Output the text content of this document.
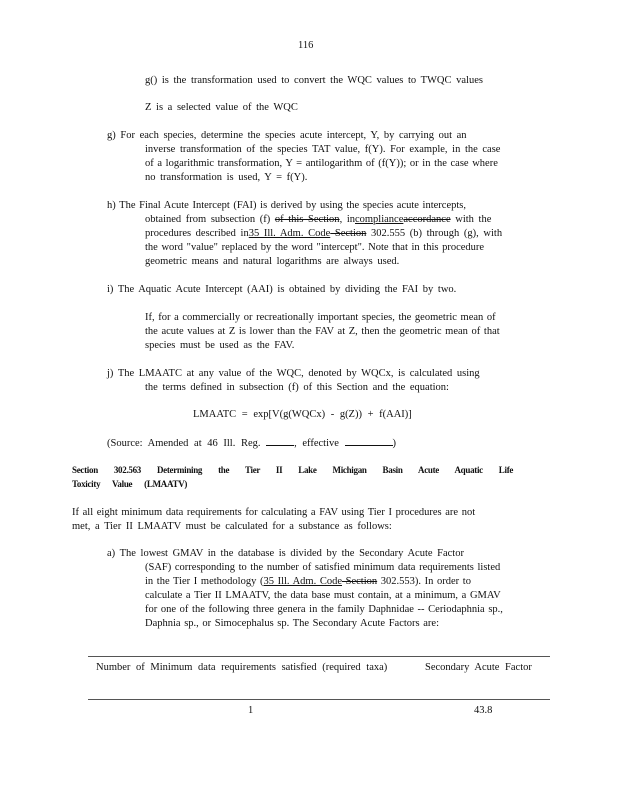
116
g() is the transformation used to convert the WQC values to TWQC values
Z is a selected value of the WQC
g) For each species, determine the species acute intercept, Y, by carrying out an
inverse transformation of the species TAT value, f(Y). For example, in the case
of a logarithmic transformation, Y = antilogarithm of (f(Y)); or in the case where
no transformation is used, Y = f(Y).
h) The Final Acute Intercept (FAI) is derived by using the species acute intercepts,
obtained from subsection (f) of this Section, incomplianceaccordance with the
procedures described in35 Ill. Adm. Code Section 302.555 (b) through (g), with
the word "value" replaced by the word "intercept". Note that in this procedure
geometric means and natural logarithms are always used.
i) The Aquatic Acute Intercept (AAI) is obtained by dividing the FAI by two.
If, for a commercially or recreationally important species, the geometric mean of
the acute values at Z is lower than the FAV at Z, then the geometric mean of that
species must be used as the FAV.
j) The LMAATC at any value of the WQC, denoted by WQCx, is calculated using
the terms defined in subsection (f) of this Section and the equation:
LMAATC = exp[V(g(WQCx) - g(Z)) + f(AAI)]
(Source: Amended at 46 Ill. Reg.	, effective	)
Section 302.563 Determining the Tier II Lake Michigan Basin Acute Aquatic Life
Toxicity Value (LMAATV)
If all eight minimum data requirements for calculating a FAV using Tier I procedures are not
met, a Tier II LMAATV must be calculated for a substance as follows:
a) The lowest GMAV in the database is divided by the Secondary Acute Factor
(SAF) corresponding to the number of satisfied minimum data requirements listed
in the Tier I methodology (35 Ill. Adm. Code Section 302.553). In order to
calculate a Tier II LMAATV, the data base must contain, at a minimum, a GMAV
for one of the following three genera in the family Daphnidae -- Ceriodaphnia sp.,
Daphnia sp., or Simocephalus sp. The Secondary Acute Factors are:
Number of Minimum data requirements satisfied (required taxa)	Secondary Acute Factor
1	43.8
